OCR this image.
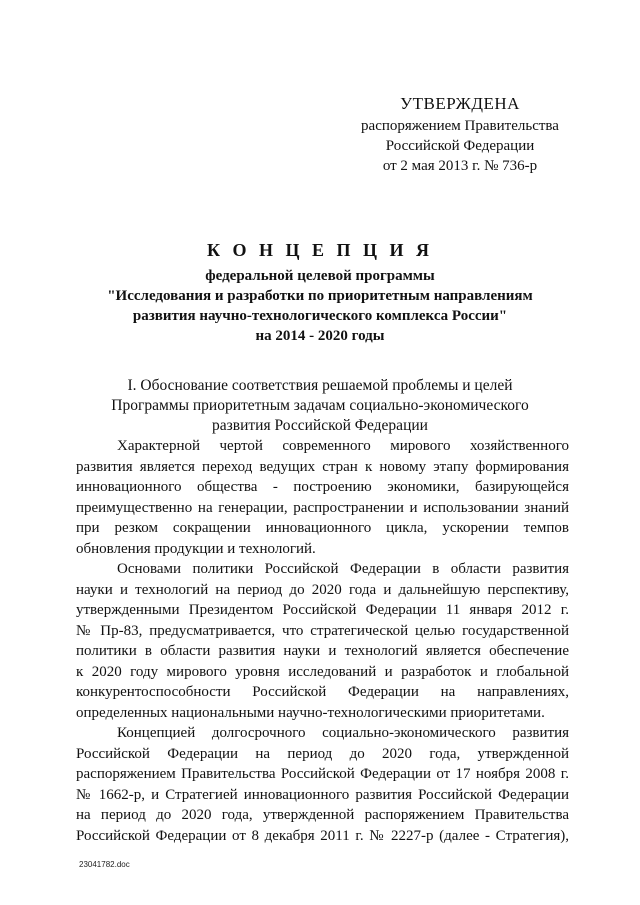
УТВЕРЖДЕНА
распоряжением Правительства
Российской Федерации
от 2 мая 2013 г. № 736-р
К О Н Ц Е П Ц И Я
федеральной целевой программы
"Исследования и разработки по приоритетным направлениям
развития научно-технологического комплекса России"
на 2014 - 2020 годы
I. Обоснование соответствия решаемой проблемы и целей
Программы приоритетным задачам социально-экономического
развития Российской Федерации
Характерной чертой современного мирового хозяйственного
развития является переход ведущих стран к новому этапу формирования
инновационного общества - построению экономики, базирующейся
преимущественно на генерации, распространении и использовании знаний
при резком сокращении инновационного цикла, ускорении темпов
обновления продукции и технологий.
Основами политики Российской Федерации в области развития
науки и технологий на период до 2020 года и дальнейшую перспективу,
утвержденными Президентом Российской Федерации 11 января 2012 г.
№ Пр-83, предусматривается, что стратегической целью государственной
политики в области развития науки и технологий является обеспечение
к 2020 году мирового уровня исследований и разработок и глобальной
конкурентоспособности Российской Федерации на направлениях,
определенных национальными научно-технологическими приоритетами.
Концепцией долгосрочного социально-экономического развития
Российской Федерации на период до 2020 года, утвержденной
распоряжением Правительства Российской Федерации от 17 ноября 2008 г.
№ 1662-р, и Стратегией инновационного развития Российской Федерации
на период до 2020 года, утвержденной распоряжением Правительства
Российской Федерации от 8 декабря 2011 г. № 2227-р (далее - Стратегия),
23041782.doc
